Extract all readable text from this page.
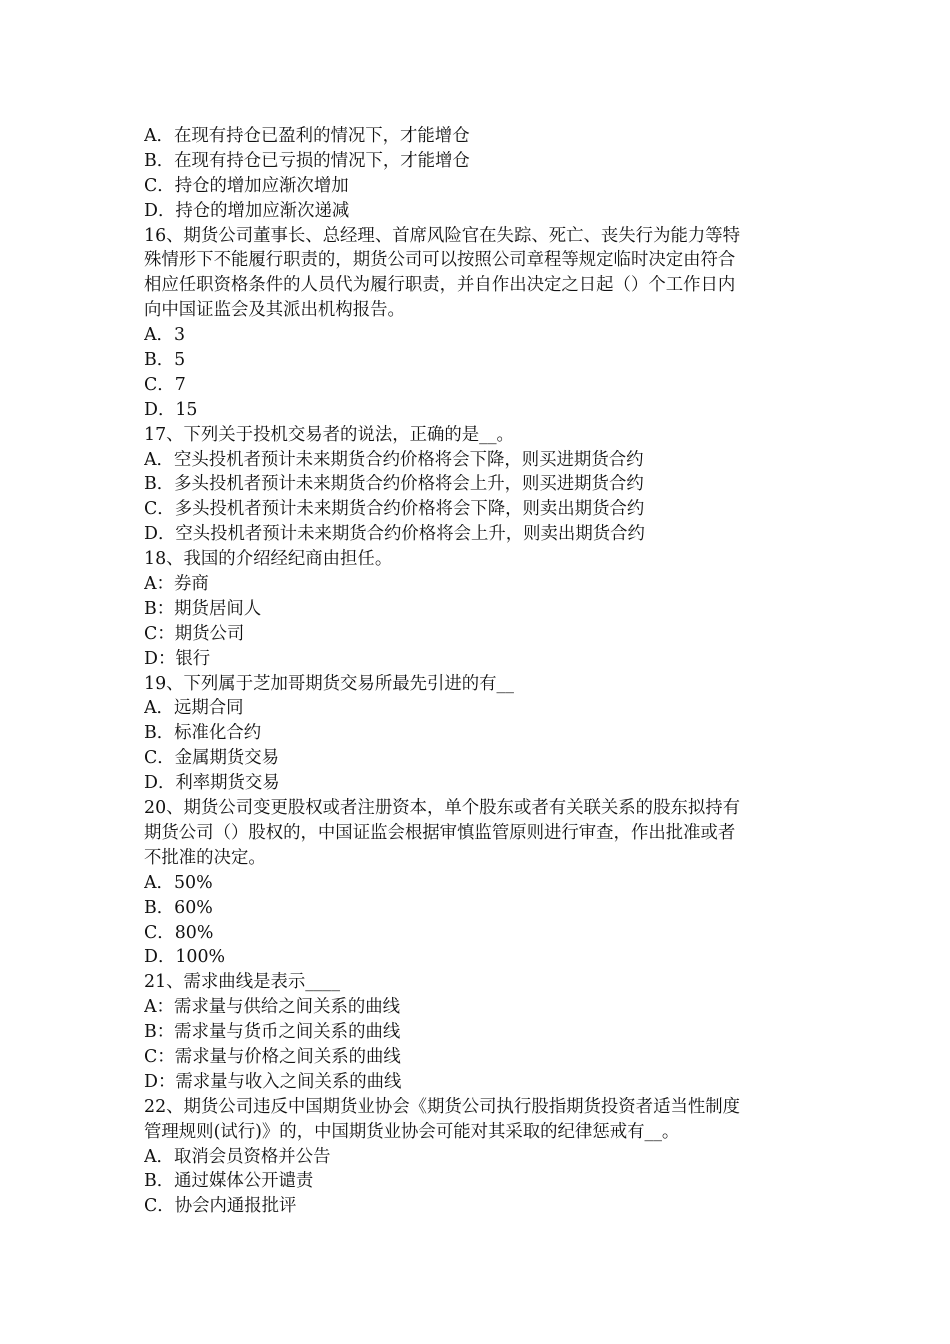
A．在现有持仓已盈利的情况下，才能增仓
B．在现有持仓已亏损的情况下，才能增仓
C．持仓的增加应渐次增加
D．持仓的增加应渐次递减
16、期货公司董事长、总经理、首席风险官在失踪、死亡、丧失行为能力等特
殊情形下不能履行职责的，期货公司可以按照公司章程等规定临时决定由符合
相应任职资格条件的人员代为履行职责，并自作出决定之日起（）个工作日内
向中国证监会及其派出机构报告。
A．3
B．5
C．7
D．15
17、下列关于投机交易者的说法，正确的是__。
A．空头投机者预计未来期货合约价格将会下降，则买进期货合约
B．多头投机者预计未来期货合约价格将会上升，则买进期货合约
C．多头投机者预计未来期货合约价格将会下降，则卖出期货合约
D．空头投机者预计未来期货合约价格将会上升，则卖出期货合约
18、我国的介绍经纪商由担任。
A：券商
B：期货居间人
C：期货公司
D：银行
19、下列属于芝加哥期货交易所最先引进的有__
A．远期合同
B．标准化合约
C．金属期货交易
D．利率期货交易
20、期货公司变更股权或者注册资本，单个股东或者有关联关系的股东拟持有
期货公司（）股权的，中国证监会根据审慎监管原则进行审查，作出批准或者
不批准的决定。
A．50%
B．60%
C．80%
D．100%
21、需求曲线是表示____
A：需求量与供给之间关系的曲线
B：需求量与货币之间关系的曲线
C：需求量与价格之间关系的曲线
D：需求量与收入之间关系的曲线
22、期货公司违反中国期货业协会《期货公司执行股指期货投资者适当性制度
管理规则(试行)》的，中国期货业协会可能对其采取的纪律惩戒有__。
A．取消会员资格并公告
B．通过媒体公开谴责
C．协会内通报批评
